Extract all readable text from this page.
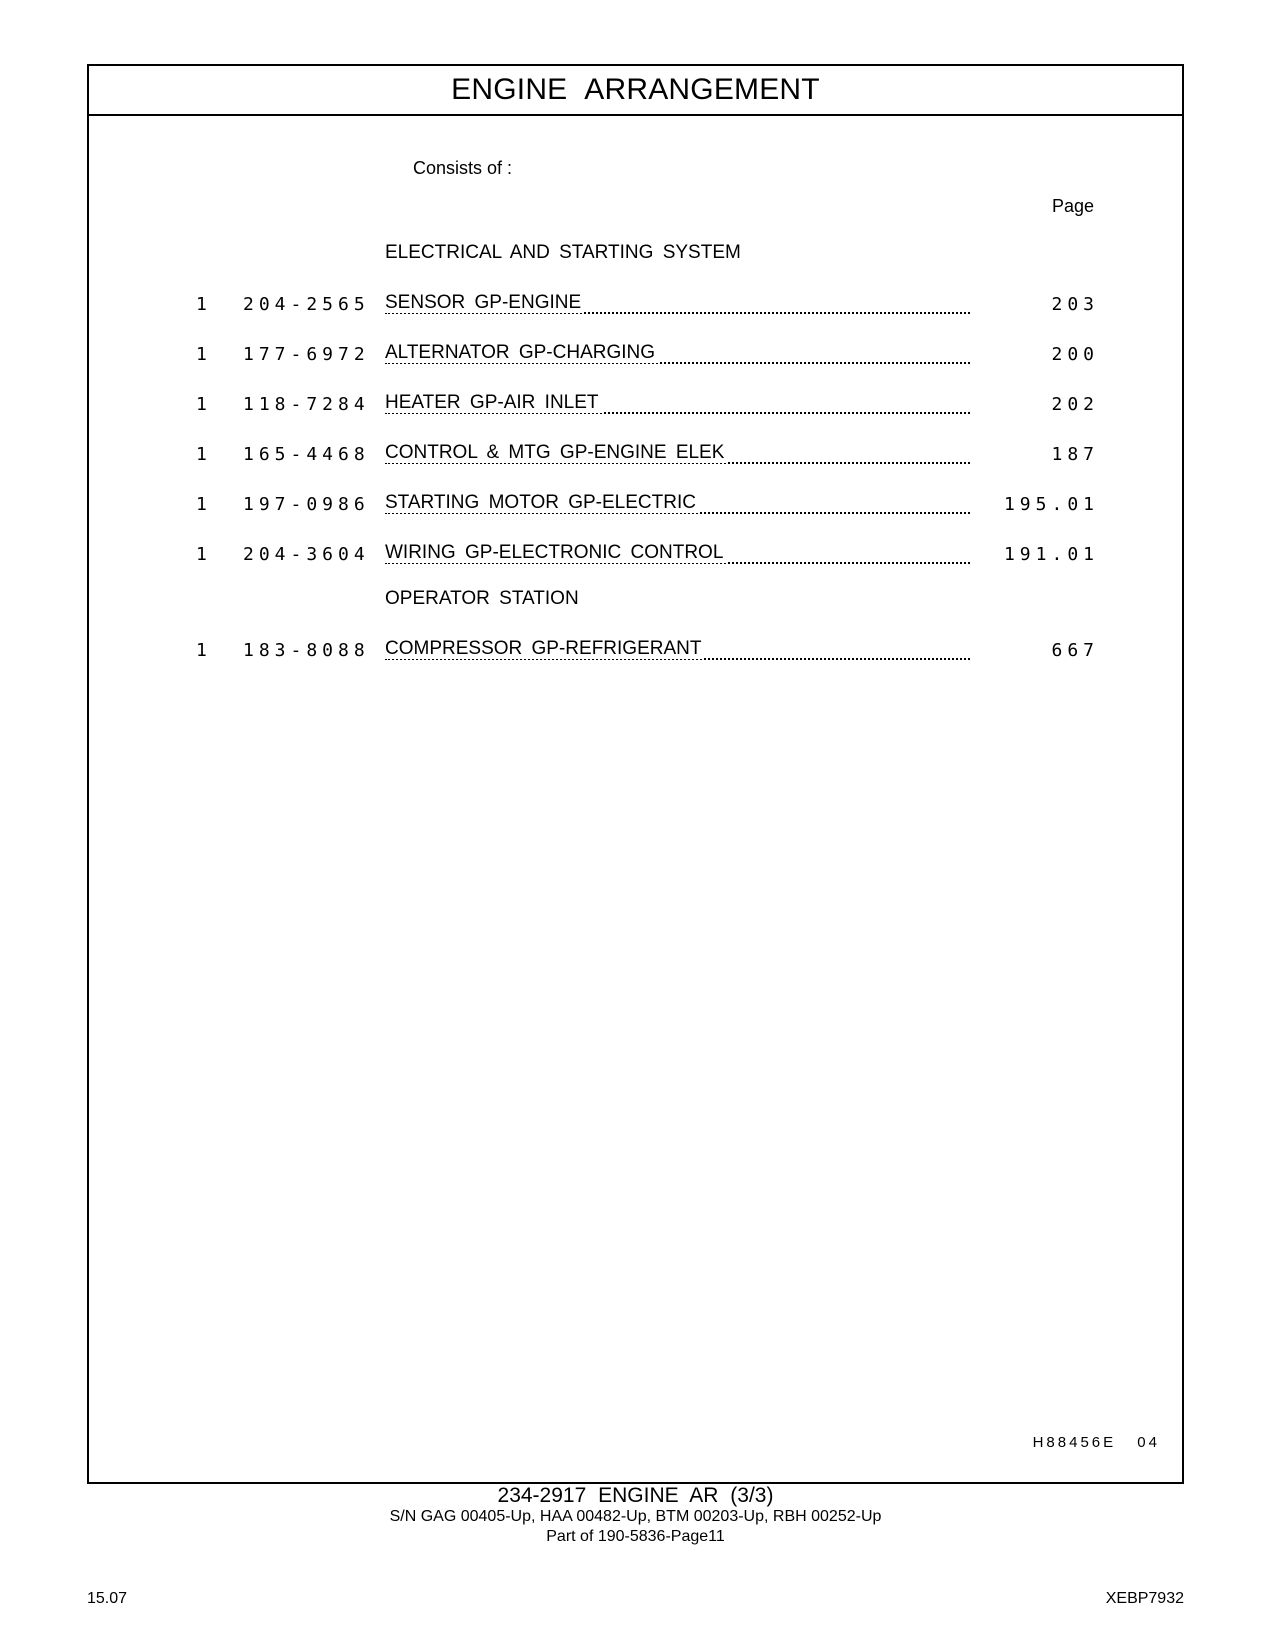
ENGINE ARRANGEMENT
Consists of :
Page
ELECTRICAL AND STARTING SYSTEM
1 204-2565 SENSOR GP-ENGINE	203
1 177-6972 ALTERNATOR GP-CHARGING	200
1 118-7284 HEATER GP-AIR INLET	202
1 165-4468 CONTROL & MTG GP-ENGINE ELEK	187
1 197-0986 STARTING MOTOR GP-ELECTRIC	195.01
1 204-3604 WIRING GP-ELECTRONIC CONTROL	191.01
OPERATOR STATION
1 183-8088 COMPRESSOR GP-REFRIGERANT	667
H88456E 04
234-2917 ENGINE AR (3/3)
S/N GAG 00405-Up, HAA 00482-Up, BTM 00203-Up, RBH 00252-Up
Part of 190-5836-Page11
15.07	XEBP7932
